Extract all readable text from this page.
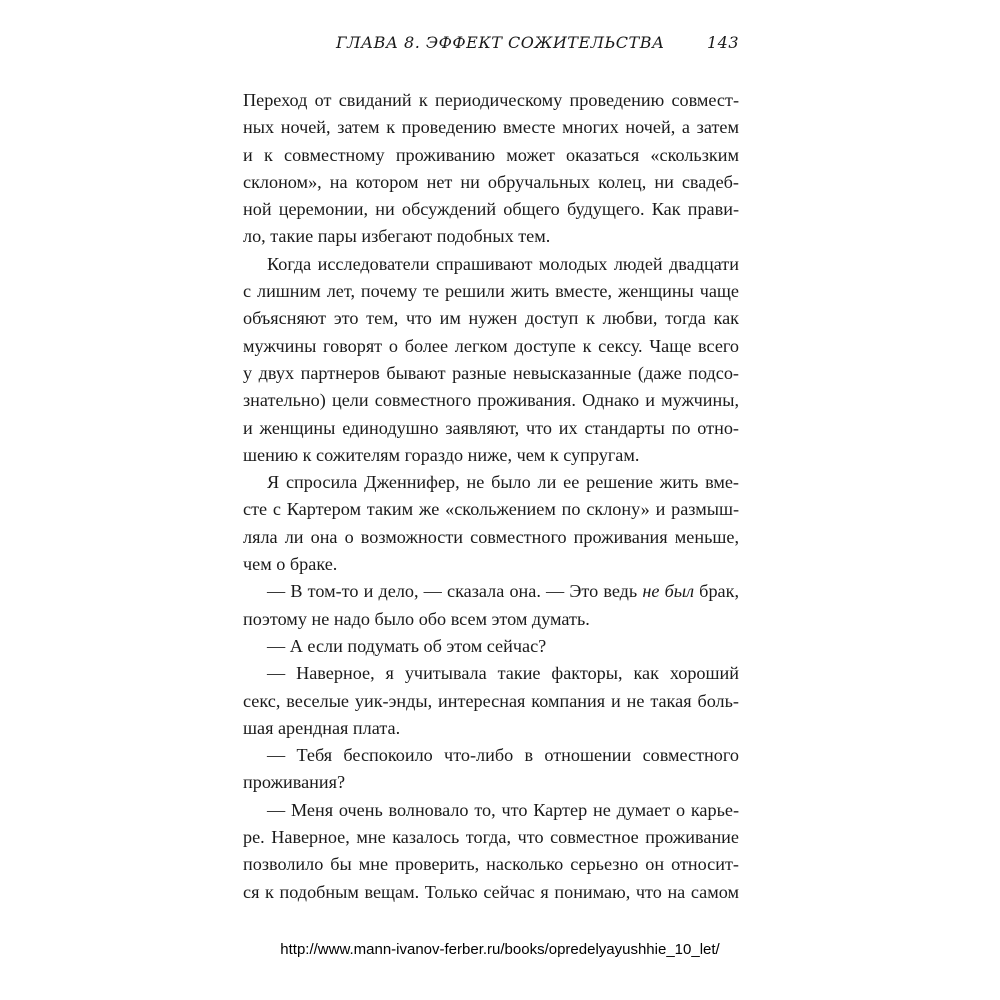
ГЛАВА 8. ЭФФЕКТ СОЖИТЕЛЬСТВА	143
Переход от свиданий к периодическому проведению совмест-
ных ночей, затем к проведению вместе многих ночей, а затем
и к совместному проживанию может оказаться «скользким
склоном», на котором нет ни обручальных колец, ни свадеб-
ной церемонии, ни обсуждений общего будущего. Как прави-
ло, такие пары избегают подобных тем.
Когда исследователи спрашивают молодых людей двадцати
с лишним лет, почему те решили жить вместе, женщины чаще
объясняют это тем, что им нужен доступ к любви, тогда как
мужчины говорят о более легком доступе к сексу. Чаще всего
у двух партнеров бывают разные невысказанные (даже подсо-
знательно) цели совместного проживания. Однако и мужчины,
и женщины единодушно заявляют, что их стандарты по отно-
шению к сожителям гораздо ниже, чем к супругам.
Я спросила Дженнифер, не было ли ее решение жить вме-
сте с Картером таким же «скольжением по склону» и размыш-
ляла ли она о возможности совместного проживания меньше,
чем о браке.
— В том-то и дело, — сказала она. — Это ведь не был брак,
поэтому не надо было обо всем этом думать.
— А если подумать об этом сейчас?
— Наверное, я учитывала такие факторы, как хороший
секс, веселые уик-энды, интересная компания и не такая боль-
шая арендная плата.
— Тебя беспокоило что-либо в отношении совместного
проживания?
— Меня очень волновало то, что Картер не думает о карье-
ре. Наверное, мне казалось тогда, что совместное проживание
позволило бы мне проверить, насколько серьезно он относит-
ся к подобным вещам. Только сейчас я понимаю, что на самом
http://www.mann-ivanov-ferber.ru/books/opredelyayushhie_10_let/
